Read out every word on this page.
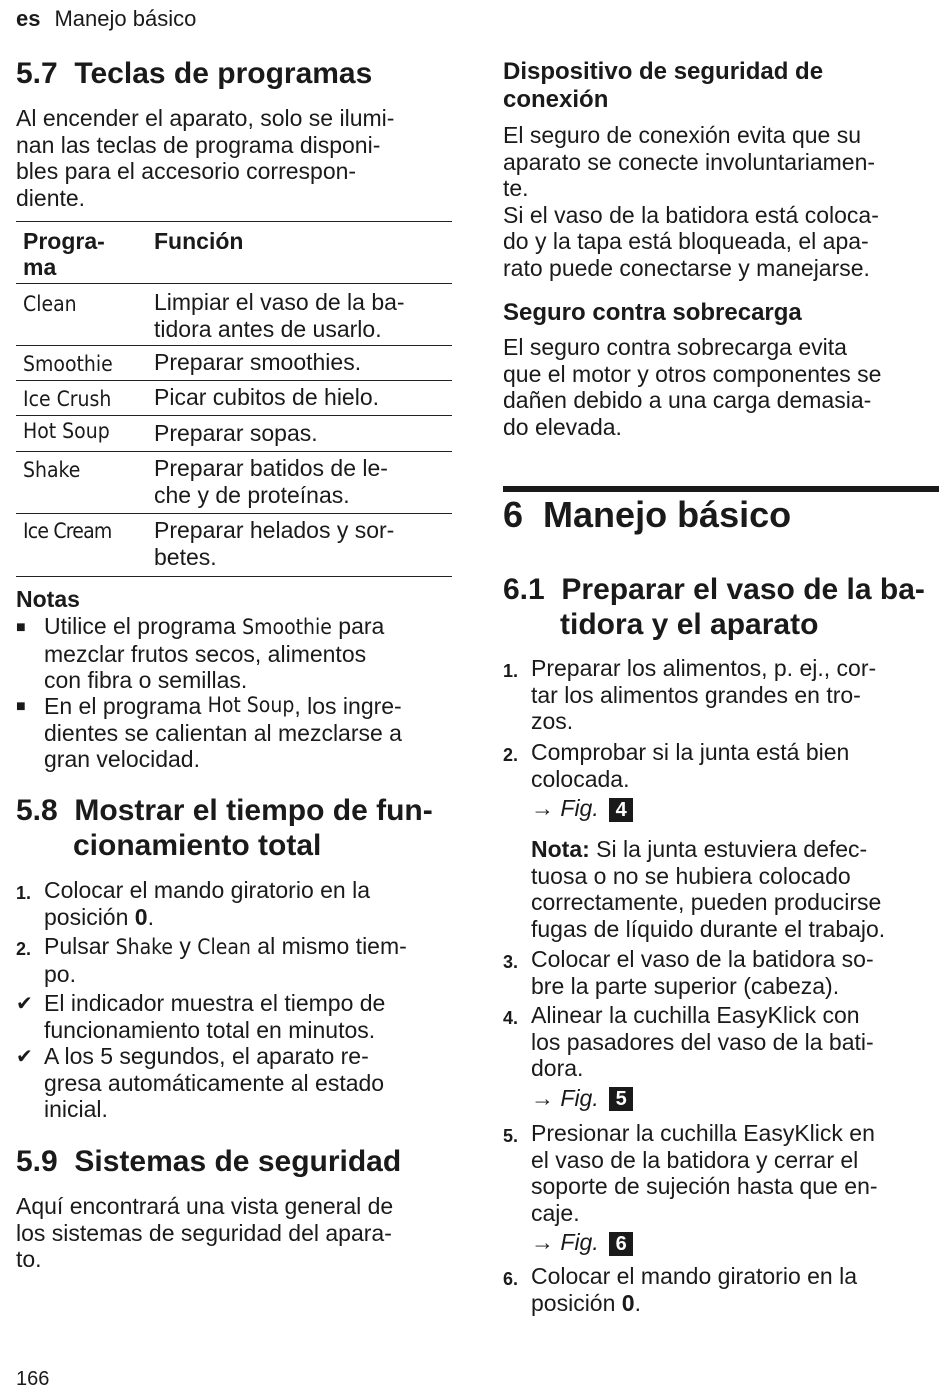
es Manejo básico
5.7 Teclas de programas

Al encender el aparato, solo se ilumi-

nan las teclas de programa disponi-

bles para el accesorio correspon-

diente.

Progra-
ma
Función
Clean	Limpiar el vaso de la ba-
tidora antes de usarlo.
Smoothie Preparar smoothies.
Ice Crush Picar cubitos de hielo.
Hot Soup Preparar sopas.
Shake	Preparar batidos de le-
che y de proteínas.
Ice Cream Preparar helados y sor-
betes.
Notas
■ Utilice el programa Smoothie para
mezclar frutos secos, alimentos
con fibra o semillas.
■ En el programa Hot Soup, los ingre-
dientes se calientan al mezclarse a
gran velocidad.
5.8 Mostrar el tiempo de fun-
cionamiento total
1. Colocar el mando giratorio en la
posición 0.
2. Pulsar Shake y Clean al mismo tiem-
po.
✔ El indicador muestra el tiempo de
funcionamiento total en minutos.
✔ A los 5 segundos, el aparato re-
gresa automáticamente al estado
inicial.
5.9 Sistemas de seguridad

Aquí encontrará una vista general de

los sistemas de seguridad del apara-

to.

166
Dispositivo de seguridad de
conexión

El seguro de conexión evita que su

aparato se conecte involuntariamen-

te.

Si el vaso de la batidora está coloca-

do y la tapa está bloqueada, el apa-

rato puede conectarse y manejarse.

Seguro contra sobrecarga

El seguro contra sobrecarga evita

que el motor y otros componentes se

dañen debido a una carga demasia-

do elevada.

6 Manejo básico
6.1 Preparar el vaso de la ba-
tidora y el aparato
1. Preparar los alimentos, p. ej., cor-
tar los alimentos grandes en tro-
zos.
2. Comprobar si la junta está bien
colocada.
→ Fig. 4
Nota: Si la junta estuviera defec-
tuosa o no se hubiera colocado
correctamente, pueden producirse
fugas de líquido durante el trabajo.
3. Colocar el vaso de la batidora so-
bre la parte superior (cabeza).
4. Alinear la cuchilla EasyKlick con
los pasadores del vaso de la bati-
dora.
→ Fig. 5
5. Presionar la cuchilla EasyKlick en
el vaso de la batidora y cerrar el
soporte de sujeción hasta que en-
caje.
→ Fig. 6
6. Colocar el mando giratorio en la
posición 0.
